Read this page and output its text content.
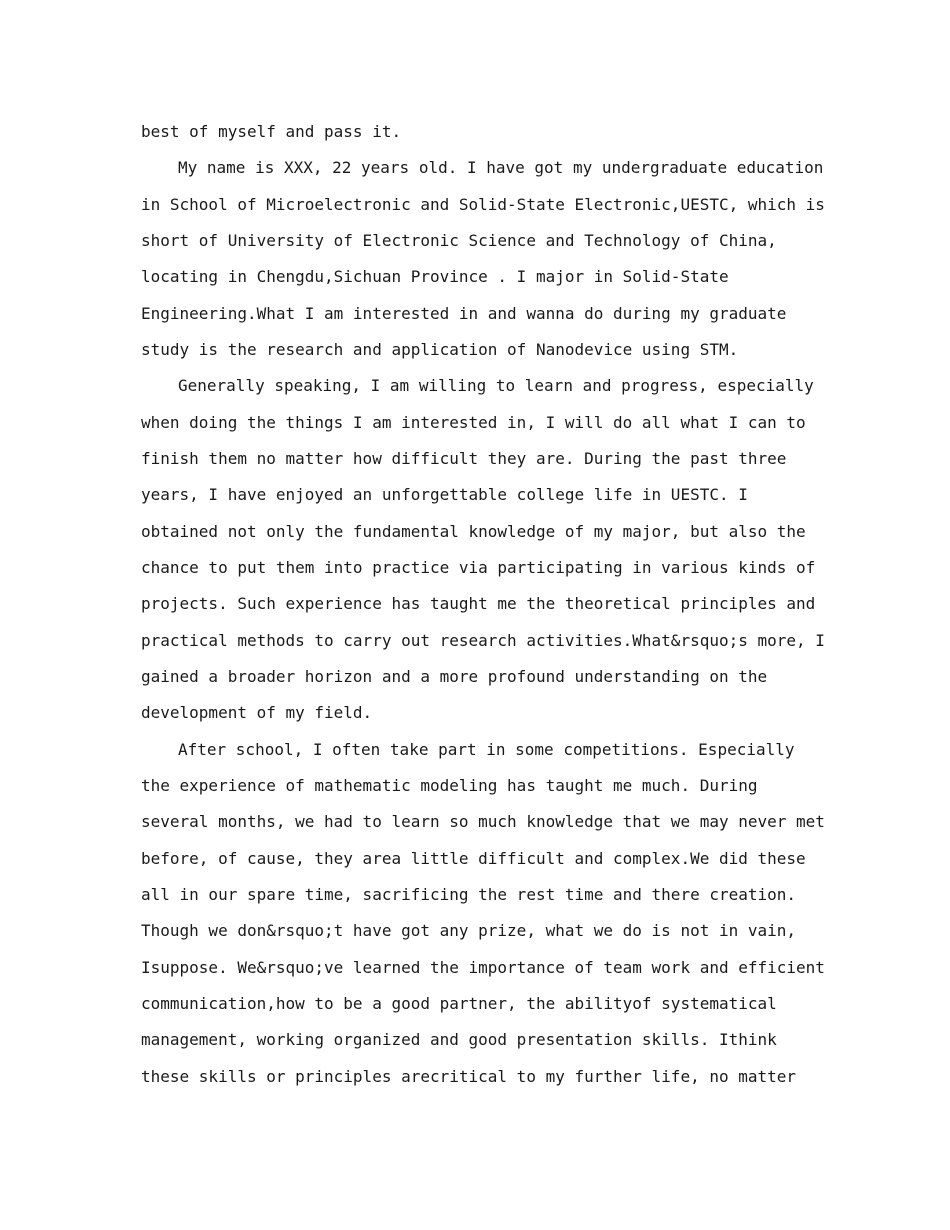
best of myself and pass it.
My name is XXX, 22 years old. I have got my undergraduate education
in School of Microelectronic and Solid-State Electronic,UESTC, which is
short of University of Electronic Science and Technology of China,
locating in Chengdu,Sichuan Province . I major in Solid-State
Engineering.What I am interested in and wanna do during my graduate
study is the research and application of Nanodevice using STM.
Generally speaking, I am willing to learn and progress, especially
when doing the things I am interested in, I will do all what I can to
finish them no matter how difficult they are. During the past three
years, I have enjoyed an unforgettable college life in UESTC. I
obtained not only the fundamental knowledge of my major, but also the
chance to put them into practice via participating in various kinds of
projects. Such experience has taught me the theoretical principles and
practical methods to carry out research activities.What&rsquo;s more, I
gained a broader horizon and a more profound understanding on the
development of my field.
After school, I often take part in some competitions. Especially
the experience of mathematic modeling has taught me much. During
several months, we had to learn so much knowledge that we may never met
before, of cause, they area little difficult and complex.We did these
all in our spare time, sacrificing the rest time and there creation.
Though we don&rsquo;t have got any prize, what we do is not in vain,
Isuppose. We&rsquo;ve learned the importance of team work and efficient
communication,how to be a good partner, the abilityof systematical
management, working organized and good presentation skills. Ithink
these skills or principles arecritical to my further life, no matter
